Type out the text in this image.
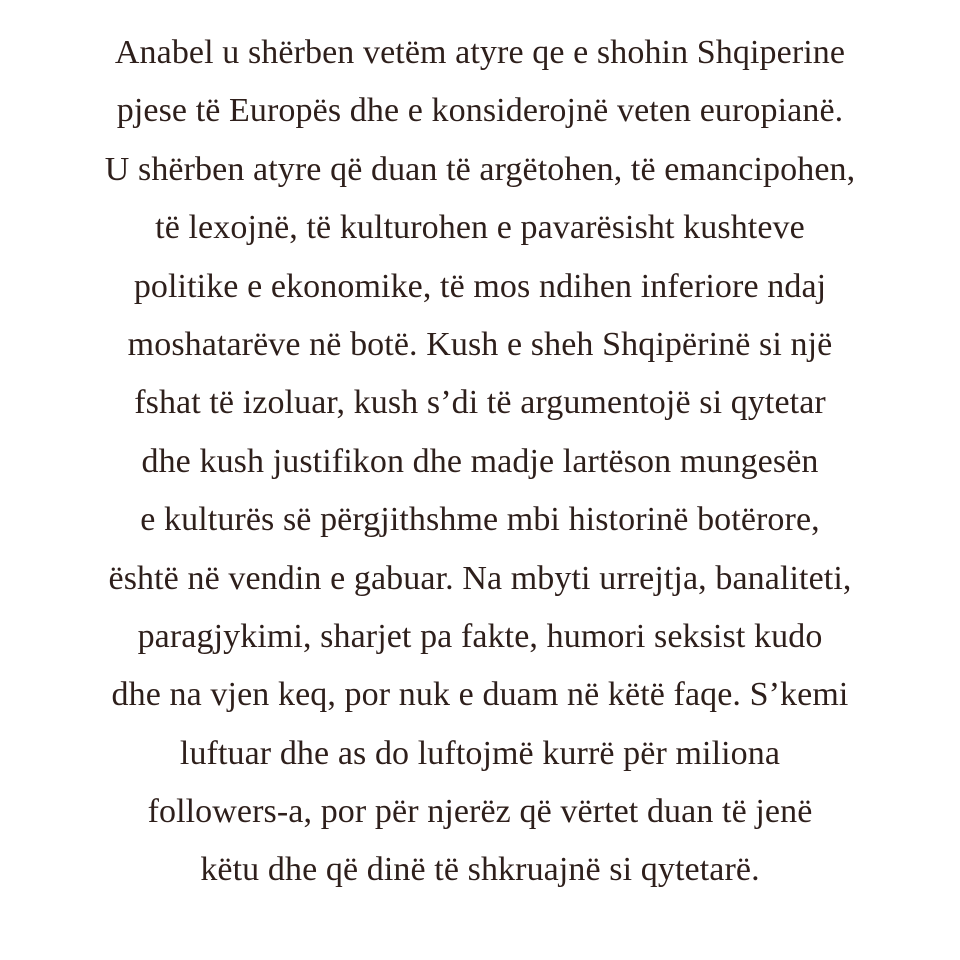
Anabel u shërben vetëm atyre qe e shohin Shqiperine
pjese të Europës dhe e konsiderojnë veten europianë.
U shërben atyre që duan të argëtohen, të emancipohen,
të lexojnë, të kulturohen e pavarësisht kushteve
politike e ekonomike, të mos ndihen inferiore ndaj
moshatarëve në botë. Kush e sheh Shqipërinë si një
fshat të izoluar, kush s’di të argumentojë si qytetar
dhe kush justifikon dhe madje lartëson mungesën
e kulturës së përgjithshme mbi historinë botërore,
është në vendin e gabuar. Na mbyti urrejtja, banaliteti,
paragjykimi, sharjet pa fakte, humori seksist kudo
dhe na vjen keq, por nuk e duam në këtë faqe. S’kemi
luftuar dhe as do luftojmë kurrë për miliona
followers-a, por për njerëz që vërtet duan të jenë
këtu dhe që dinë të shkruajnë si qytetarë.
